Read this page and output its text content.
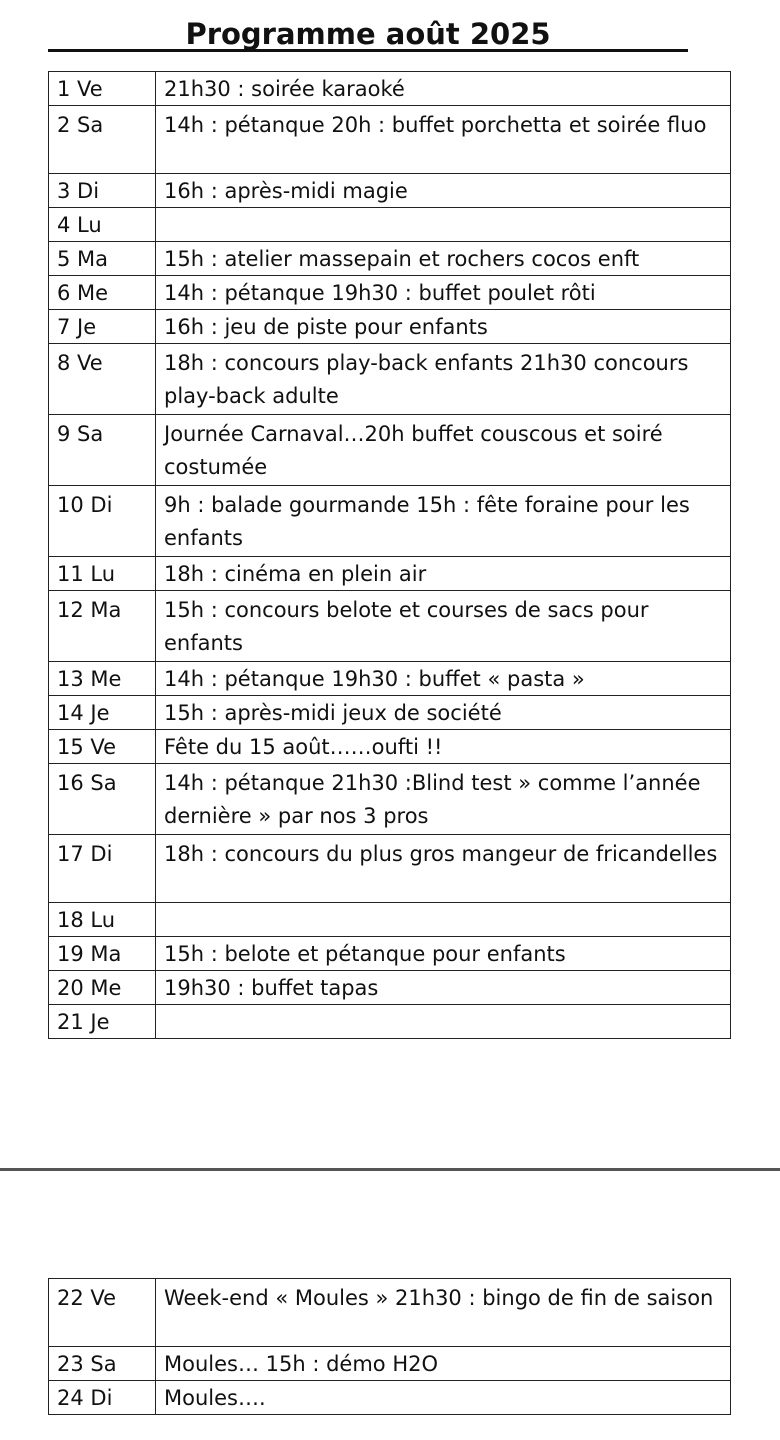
Programme août 2025
1 Ve	21h30 : soirée karaoké
2 Sa	14h : pétanque 20h : buffet porchetta et soirée fluo
3 Di	16h : après-midi magie
4 Lu	
5 Ma	15h : atelier massepain et rochers cocos enft
6 Me	14h : pétanque 19h30 : buffet poulet rôti
7 Je	16h : jeu de piste pour enfants
8 Ve	18h : concours play-back enfants 21h30 concours play-back adulte
9 Sa	Journée Carnaval…20h buffet couscous et soiré costumée
10 Di	9h : balade gourmande 15h : fête foraine pour les enfants
11 Lu	18h : cinéma en plein air
12 Ma	15h : concours belote et courses de sacs pour enfants
13 Me	14h : pétanque 19h30 : buffet « pasta »
14 Je	15h : après-midi jeux de société
15 Ve	Fête du 15 août……oufti !!
16 Sa	14h : pétanque 21h30 :Blind test » comme l’année dernière » par nos 3 pros
17 Di	18h : concours du plus gros mangeur de fricandelles
18 Lu	
19 Ma	15h : belote et pétanque pour enfants
20 Me	19h30 : buffet tapas
21 Je	
22 Ve	Week-end « Moules » 21h30 : bingo de fin de saison
23 Sa	Moules… 15h : démo H2O
24 Di	Moules….
